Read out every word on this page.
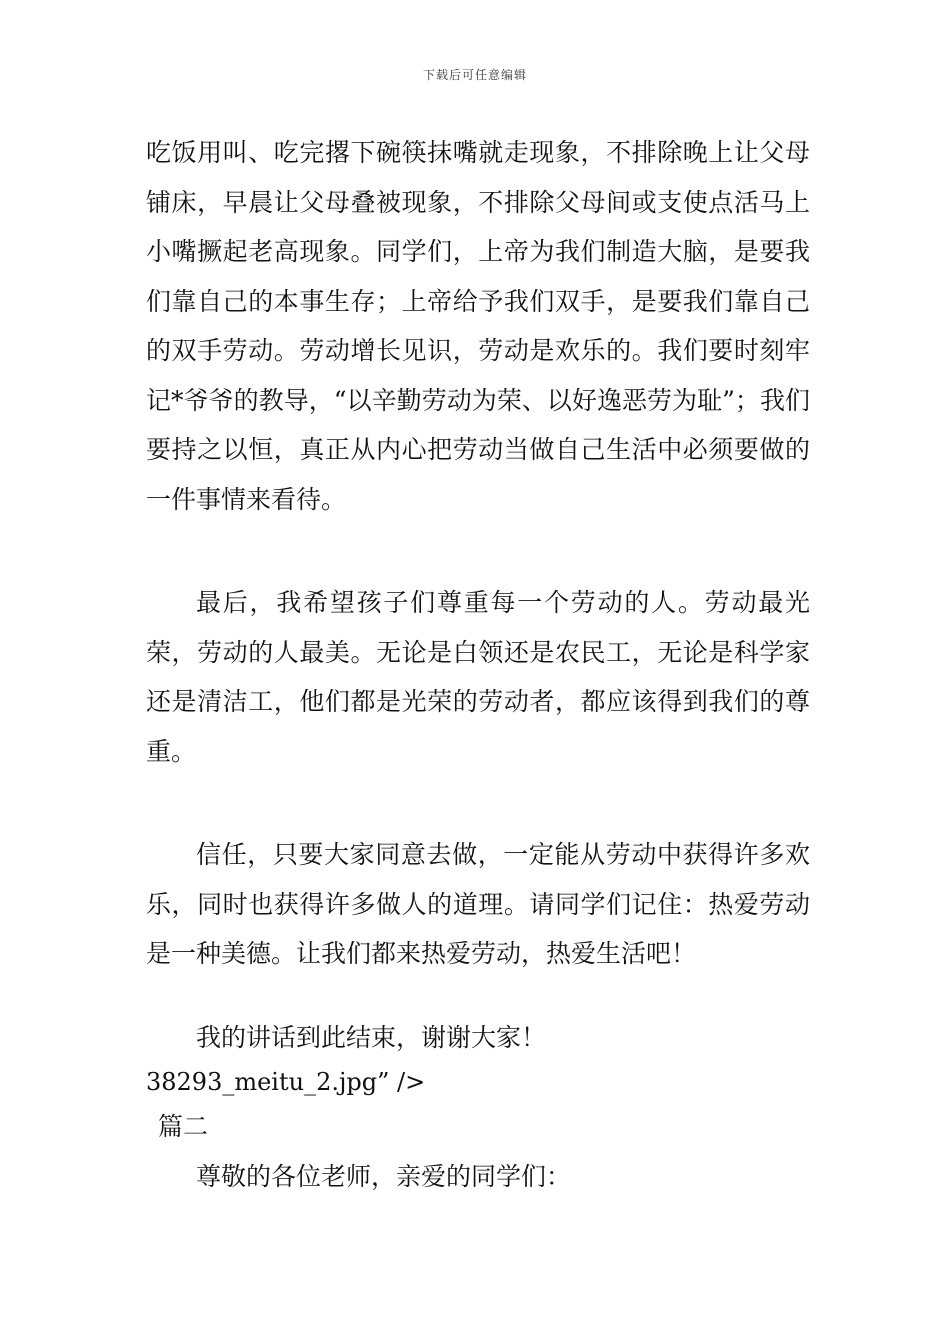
下载后可任意编辑

吃饭用叫、吃完撂下碗筷抹嘴就走现象，不排除晚上让父母铺床，早晨让父母叠被现象，不排除父母间或支使点活马上小嘴撅起老高现象。同学们，上帝为我们制造大脑，是要我们靠自己的本事生存；上帝给予我们双手，是要我们靠自己的双手劳动。劳动增长见识，劳动是欢乐的。我们要时刻牢记*爷爷的教导，“以辛勤劳动为荣、以好逸恶劳为耻”；我们要持之以恒，真正从内心把劳动当做自己生活中必须要做的一件事情来看待。

最后，我希望孩子们尊重每一个劳动的人。劳动最光荣，劳动的人最美。无论是白领还是农民工，无论是科学家还是清洁工，他们都是光荣的劳动者，都应该得到我们的尊重。

信任，只要大家同意去做，一定能从劳动中获得许多欢乐，同时也获得许多做人的道理。请同学们记住：热爱劳动是一种美德。让我们都来热爱劳动，热爱生活吧！

我的讲话到此结束，谢谢大家！

38293_meitu_2.jpg” />

篇二

尊敬的各位老师，亲爱的同学们：
